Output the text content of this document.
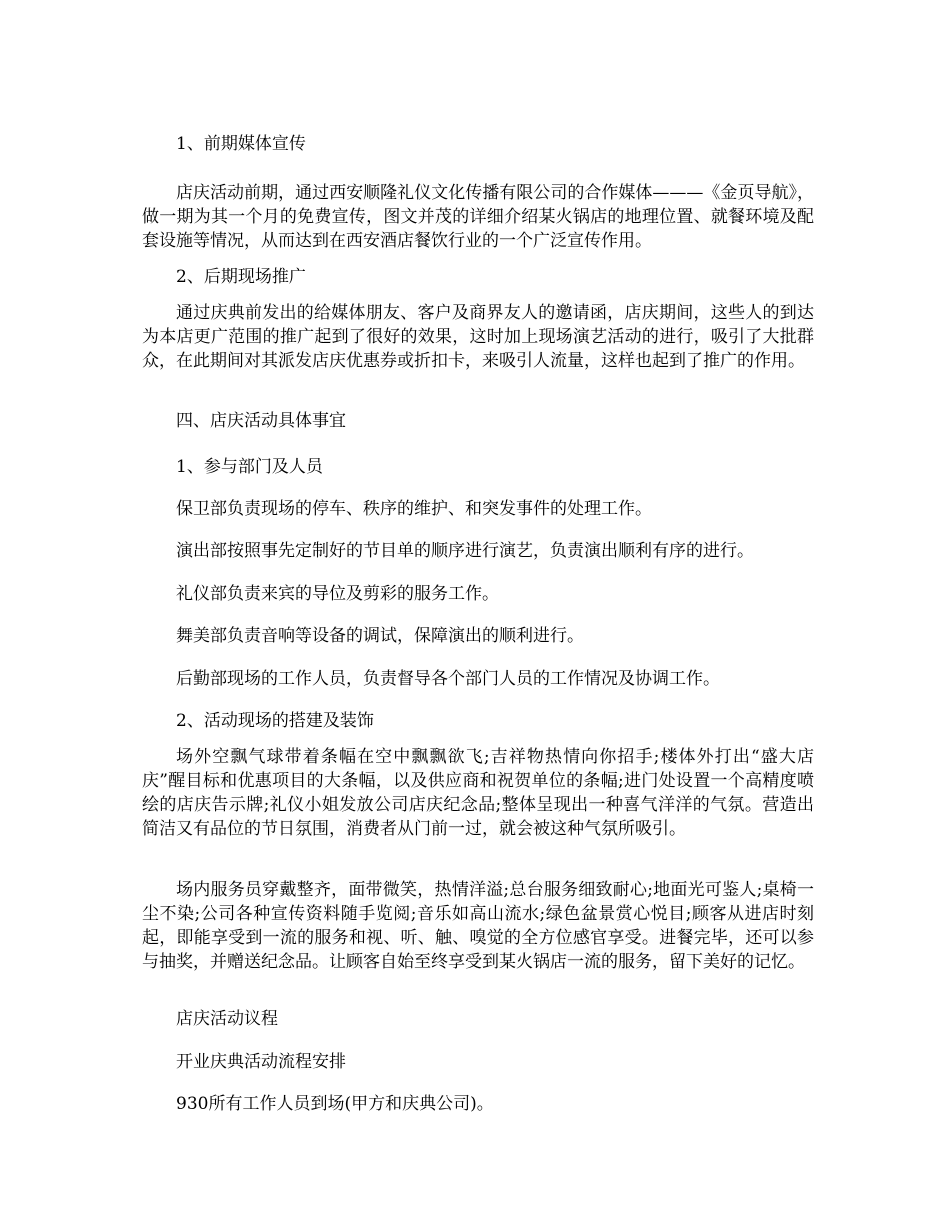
1、前期媒体宣传

店庆活动前期，通过西安顺隆礼仪文化传播有限公司的合作媒体———《金页导航》，做一期为其一个月的免费宣传，图文并茂的详细介绍某火锅店的地理位置、就餐环境及配套设施等情况，从而达到在西安酒店餐饮行业的一个广泛宣传作用。

2、后期现场推广

通过庆典前发出的给媒体朋友、客户及商界友人的邀请函，店庆期间，这些人的到达为本店更广范围的推广起到了很好的效果，这时加上现场演艺活动的进行，吸引了大批群众，在此期间对其派发店庆优惠券或折扣卡，来吸引人流量，这样也起到了推广的作用。

四、店庆活动具体事宜

1、参与部门及人员

保卫部负责现场的停车、秩序的维护、和突发事件的处理工作。

演出部按照事先定制好的节目单的顺序进行演艺，负责演出顺利有序的进行。

礼仪部负责来宾的导位及剪彩的服务工作。

舞美部负责音响等设备的调试，保障演出的顺利进行。

后勤部现场的工作人员，负责督导各个部门人员的工作情况及协调工作。

2、活动现场的搭建及装饰

场外空飘气球带着条幅在空中飘飘欲飞;吉祥物热情向你招手;楼体外打出“盛大店庆”醒目标和优惠项目的大条幅，以及供应商和祝贺单位的条幅;进门处设置一个高精度喷绘的店庆告示牌;礼仪小姐发放公司店庆纪念品;整体呈现出一种喜气洋洋的气氛。营造出简洁又有品位的节日氛围，消费者从门前一过，就会被这种气氛所吸引。

场内服务员穿戴整齐，面带微笑，热情洋溢;总台服务细致耐心;地面光可鉴人;桌椅一尘不染;公司各种宣传资料随手览阅;音乐如高山流水;绿色盆景赏心悦目;顾客从进店时刻起，即能享受到一流的服务和视、听、触、嗅觉的全方位感官享受。进餐完毕，还可以参与抽奖，并赠送纪念品。让顾客自始至终享受到某火锅店一流的服务，留下美好的记忆。

店庆活动议程

开业庆典活动流程安排

930所有工作人员到场(甲方和庆典公司)。
